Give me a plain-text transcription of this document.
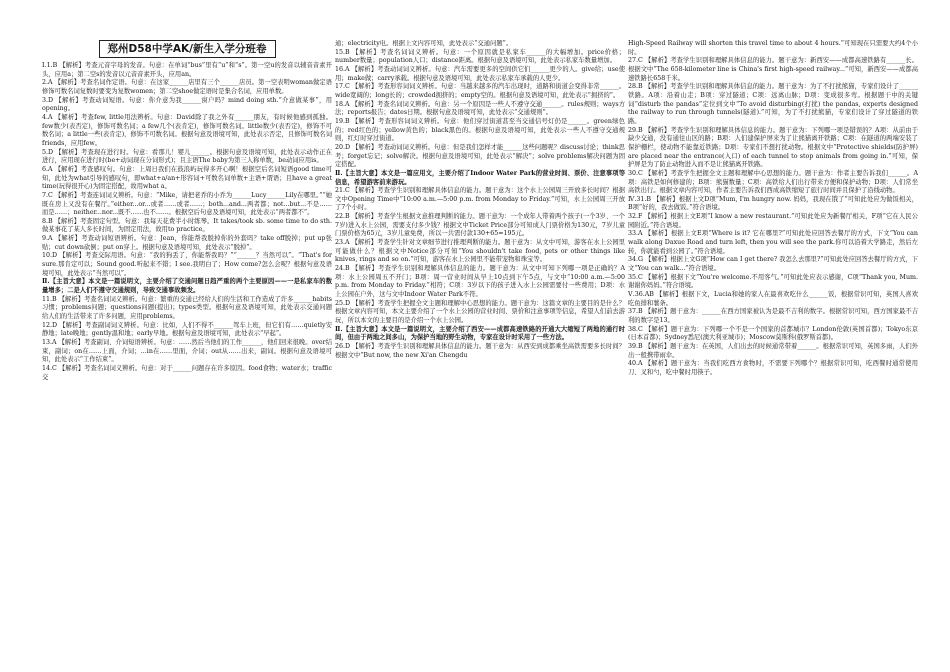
郑州D58中学AK/新生入学分班卷
Ⅰ.1.B 【解析】考查元音字母的发音。句意：在单词“bus”里有“u”和“s”。第一空u的发音以辅音音素开头，应用a；第二空s的发音以元音音素开头，应用an。
2.A 【解析】考查名词作定语。句意：在这家______店里有三个______店员。第一空表明woman做定语修饰可数名词复数时要变为复数women；第二空shoe做定语时是集合名词，应用单数。
3.D 【解析】考查动词短语。句意：你介意为我______窗户吗？mind doing sth.“介意做某事”，用opening。
4.A 【解析】考查few, little用法辨析。句意：David除了我之外有______朋友，有时候他感到孤独。few数少(表否定)，修饰可数名词；a few几个(表肯定)，修饰可数名词。little数少(表否定)，修饰不可数名词；a little一些(表肯定)，修饰不可数名词。根据句意及语境可知，此处表示否定，且修饰可数名词friends，应用few。
5.D 【解析】考查现在进行时。句意：看那儿！婴儿______。根据句意及语境可知，此处表示动作正在进行，应用现在进行时(be+动词现在分词形式)；且主语The baby为第三人称单数，be动词应用is。
6.A 【解析】考查感叹句。句意：上周日我们在鼓浪屿玩得多开心啊！根据空后名词短语good time可知，此处为what引导的感叹句，即what+a/an+形容词+可数名词单数+主语+谓语；且have a great time(玩得很开心)为固定搭配，故用what a。
7.C 【解析】考查连词词义辨析。句意：“Mike，请把老乔的小乔为______Lucy______Lily在哪里。”“她既在房上又没有在餐厅。”either...or...或者……或者……；both...and...两者都；not...but...不是……而是……；neither...nor...既不……也不……。根据空后句意及语境可知，此处表示“两者都不”。
8.B 【解析】考查固定句型。句意：我每天花费半小时练琴。It takes/took sb. some time to do sth.做某事花了某人多长时间，为固定用法，故用to practice。
9.A 【解析】考查动词短语辨析。句意：Jean，你能帮我脱掉你的外套吗？take off脱掉；put up张贴；cut down砍倒；put on穿上。根据句意及语境可知，此处表示“脱掉”。
10.D 【解析】考查交际用语。句意：“我的狗丢了，你能帮我吗？”“______？当然可以”。“That's for sure.那肯定可以；Sound good.听起来不错；I see.我明白了；How come?怎么会呢？根据句意及语境可知，此处表示“当然可以”。
Ⅱ.【主旨大意】本文是一篇说明文，主要介绍了交通问题日趋严重的两个主要原因——一是私家车的数量增多；二是人们不遵守交通规则，导致交通事故频发。
11.B 【解析】考查名词词义辨析。句意：繁重的交通已经给人们的生活和工作造成了许多______habits习惯；problems问题；questions问题(提出)；types类型。根据句意及语境可知，此处表示交通问题给人们的生活带来了许多问题，应用problems。
12.D 【解析】考查副词词义辨析。句意：比如，人们不得不______驾车上班，但它们有……quietly安静地；late晚地；gently温和地；early早地。根据句意及语境可知，此处表示“早起”。
13.A 【解析】考查副词、介词短语辨析。句意：……然后当他们的工作______，他们回来很晚。over结束，副词；on在……上面，介词；…in在……里面，介词；out从……出来，副词。根据句意及语境可知，此处表示“工作结束”。
14.C 【解析】考查名词词义辨析。句意：对于______问题存在许多原因。food食物；water水；traffic交
通；electricity电。根据上文内容可知，此处表示“交通问题”。
15.B 【解析】考查名词词义辨析。句意：一个原因就是私家车______的大幅增加。price价格；number数量；population人口；distance距离。根据句意及语境可知，此处表示私家车数量增加。
16.A 【解析】考查动词词义辨析。句意：汽车需要更多的空间供它们______更少的人。give给；use使用；make做；carry承载。根据句意及语境可知，此处表示私家车承载的人更少。
17.C 【解析】考查形容词词义辨析。句意：当越来越多的汽车出现时，道路和街道会变得非常______。wide宽阔的；long长的；crowded拥挤的；empty空的。根据句意及语境可知，此处表示“拥挤的”。
18.A 【解析】考查名词词义辨析。句意：另一个原因是一些人不遵守交通______。rules规则；ways方法；reports报告；dates日期。根据句意及语境可知，此处表示“交通规则”。
19.B 【解析】考查形容词词义辨析。句意：他们穿过街道甚至当交通信号灯仍是______。green绿色的；red红色的；yellow黄色的；black黑色的。根据句意及语境可知，此处表示一些人不遵守交通规则，红灯时穿过街道。
20.D 【解析】考查动词词义辨析。句意：但是我们怎样才能______这些问题呢？discuss讨论；think思考；forget忘记；solve解决。根据句意及语境可知，此处表示“解决”；solve problems解决问题为固定搭配。
Ⅱ.【主旨大意】本文是一篇应用文，主要介绍了Indoor Water Park的营业时间、票价、注意事项等信息，希望游客前来游玩。
21.C 【解析】考查学生识别和理解具体信息的能力。题干意为：这个水上公园周三开放多长时间？根据文中Opening Time中“10:00 a.m.—5:00 p.m. from Monday to Friday.”可知，水上公园周三开放了7个小时。
22.B 【解析】考查学生根据文意推理判断的能力。题干意为：一个成年人带着两个孩子(一个3岁、一个7岁)进入水上公园，需要支付多少钱？根据文中Ticket Price部分可知成人门票价格为130元，7岁儿童门票价格为65元，3岁儿童免费，所以一共需付款130+65=195元。
23.A 【解析】考查学生针对文章细节进行推理判断的能力。题干意为：从文中可知，游客在水上公园里可能做什么？根据文中Notice部分可知“You shouldn't take food, pets or other things like knives, rings and so on.”可知，游客在水上公园里不能带宠物和珠宝等。
24.B 【解析】考查学生识别和理解具体信息的能力。题干意为：从文中可知下列哪一项是正确的？A项：水上公园周五不开门；B项：周一营业时间从早上10点到下午5点，与文中“10:00 a.m.—5:00 p.m. from Monday to Friday.”相符；C项：3岁以下的孩子进入水上公园需要付一些费用；D项：水上公园在户外，这与文中Indoor Water Park不符。
25.D 【解析】考查学生把握全文主题和理解中心思想的能力。题干意为：这篇文章的主要目的是什么？根据文章内容可知，本文主要介绍了一个水上公园的营业时间、票价和注意事项等信息，希望人们前去游玩，所以本文的主要目的是介绍一个水上公园。
Ⅱ.【主旨大意】本文是一篇说明文，主要介绍了西安——成都高速铁路的开通大大缩短了两地的通行时间，但由于两地之间多山，为保护当地的野生动物，专家在设计时采用了一些方法。
26.D 【解析】考查学生识别和理解具体信息的能力。题干意为：从西安到成都乘坐高铁需要多长时间？根据文中“But now, the new Xi'an Chengdu
High-Speed Railway will shorten this travel time to about 4 hours.”可知现在只需要大约4个小时。
27.C 【解析】考查学生识别和理解具体信息的能力。题干意为：新西安——成都高速铁路有______长。根据文中“The 658-kilometer line is China's first high-speed railway...”可知，新西安——成都高速铁路长658千米。
28.B 【解析】考查学生识别和理解具体信息的能力。题干意为：为了不打扰熊猫，专家们设计了______铁路。A项：沿着山走；B项：穿过隧道；C项：远离山脉；D项：变成很多弯。根据题干中的关键词“disturb the pandas”定位到文中“To avoid disturbing(打扰) the pandas, experts designed the railway to run through tunnels(隧道).”可知，为了不打扰熊猫，专家们设计了穿过隧道的铁路。
29.B 【解析】考查学生识别和理解具体信息的能力。题干意为：下列哪一项是错误的？A项：从前由于缺少交通，没有通往山区的路；B项：人们建保护屏来为了让熊猫离开铁路；C项：在隧道的两端安装了保护栅栏，使动物不能靠近铁路；D项：专家们不想打扰动物。根据文中“Protective shields(防护屏) are placed near the entrance(入口) of each tunnel to stop animals from going in.”可知，保护屏是为了防止动物进入而不是让熊猫离开铁路。
30.C 【解析】考查学生把握全文主题和理解中心思想的能力。题干意为：作者主要告诉我们______。A项：高铁是如何修建的；B项：熊猫数量；C项：高铁给人们出行带来方便和保护动物；D项：人们常坐高铁出行。根据文章内容可知，作者主要告诉我们西成高铁缩短了旅行时间并且保护了沿线动物。
Ⅳ.31.B 【解析】根据上文D项“Mum, I'm hungry now. 妈妈，我现在饿了”可知此处应为做饭相关，B项“好的，我去做饭。”符合语境。
32.F 【解析】根据上文E项“I know a new restaurant.”可知此处应为新餐厅相关，F项“它在人民公园附近。”符合语境。
33.A 【解析】根据上文E项“Where is it? 它在哪里?”可知此处应回答去餐厅的方式，下文“You can walk along Daxue Road and turn left, then you will see the park.你可以沿着大学路走，然后左转，你就能看到公园了。”符合语境。
34.G 【解析】根据上文G项“How can I get there? 我怎么去那里?”可知此处应回答去餐厅的方式，下文“You can walk...”符合语境。
35.C 【解析】根据下文“You're welcome.不用客气。”可知此处应表示感谢，C项“Thank you, Mum.谢谢你妈妈。”符合语境。
Ⅴ.36.AB 【解析】根据下文，Lucia和她的家人在最喜欢吃什么______饭，根据常识可知，英国人喜欢吃鱼排和薯条。
37.B 【解析】题干意为：______在西方国家被认为是最不吉利的数字。根据常识可知，西方国家最不吉利的数字是13。
38.C 【解析】题干意为：下列哪一个不是一个国家的首都城市？London伦敦(英国首都)；Tokyo东京(日本首都)；Sydney悉尼(澳大利亚城市)；Moscow莫斯科(俄罗斯首都)。
39.B 【解析】题干意为：在英国，人们出去的时候通常带着______。根据常识可知，英国多雨，人们外出一般携带雨伞。
40.A 【解析】题干意为：当我们吃西方食物时，不需要下列哪个？根据常识可知，吃西餐时通常使用刀、叉和勺，吃中餐时用筷子。
